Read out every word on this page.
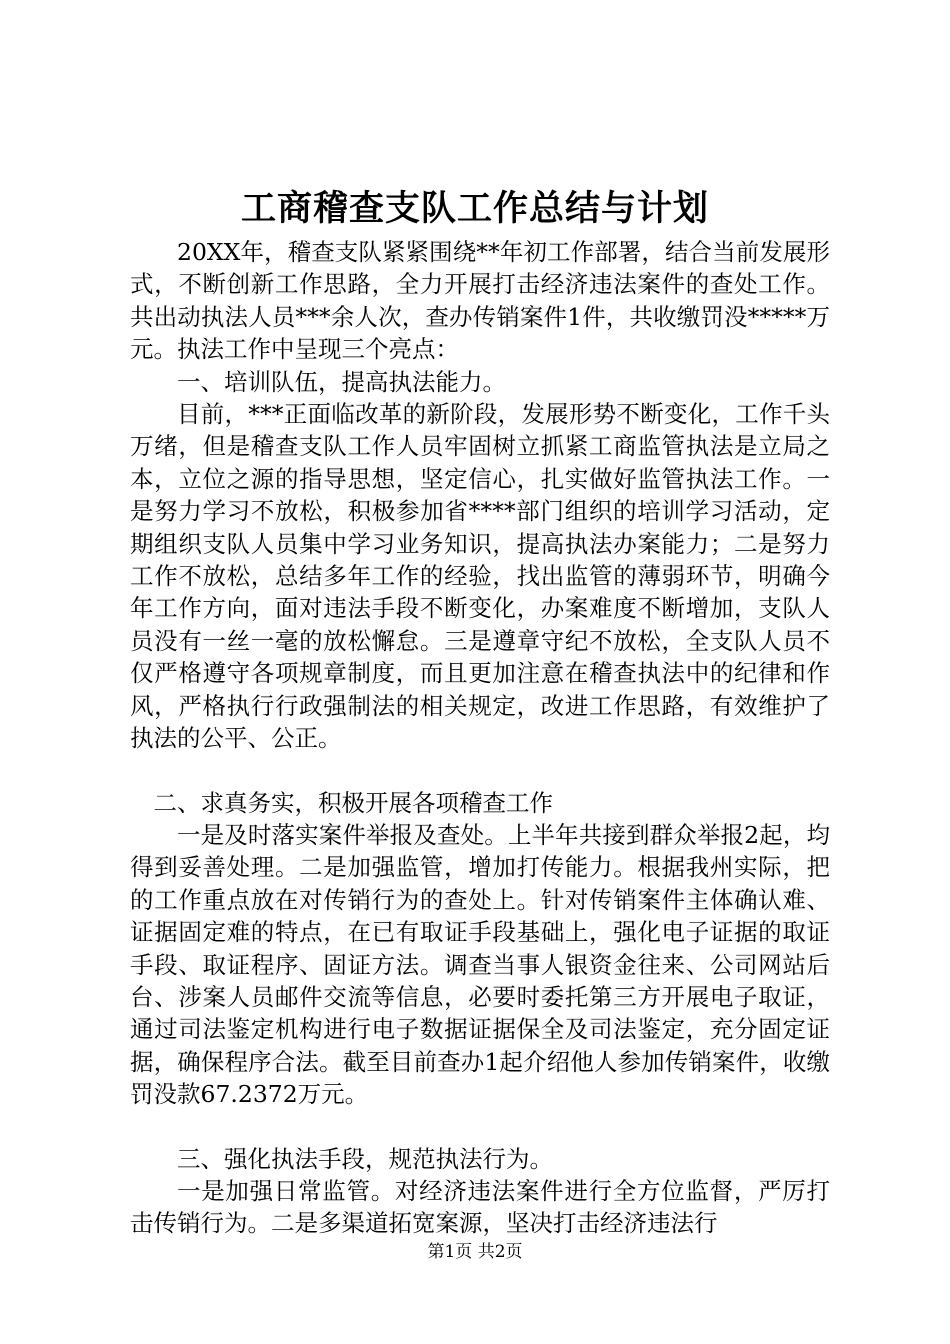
工商稽查支队工作总结与计划

20XX年，稽查支队紧紧围绕**年初工作部署，结合当前发展形式，不断创新工作思路，全力开展打击经济违法案件的查处工作。共出动执法人员***余人次，查办传销案件1件，共收缴罚没*****万元。执法工作中呈现三个亮点：

一、培训队伍，提高执法能力。

目前，***正面临改革的新阶段，发展形势不断变化，工作千头万绪，但是稽查支队工作人员牢固树立抓紧工商监管执法是立局之本，立位之源的指导思想，坚定信心，扎实做好监管执法工作。一是努力学习不放松，积极参加省****部门组织的培训学习活动，定期组织支队人员集中学习业务知识，提高执法办案能力；二是努力工作不放松，总结多年工作的经验，找出监管的薄弱环节，明确今年工作方向，面对违法手段不断变化，办案难度不断增加，支队人员没有一丝一毫的放松懈怠。三是遵章守纪不放松，全支队人员不仅严格遵守各项规章制度，而且更加注意在稽查执法中的纪律和作风，严格执行行政强制法的相关规定，改进工作思路，有效维护了执法的公平、公正。

二、求真务实，积极开展各项稽查工作

一是及时落实案件举报及查处。上半年共接到群众举报2起，均得到妥善处理。二是加强监管，增加打传能力。根据我州实际，把的工作重点放在对传销行为的查处上。针对传销案件主体确认难、证据固定难的特点，在已有取证手段基础上，强化电子证据的取证手段、取证程序、固证方法。调查当事人银资金往来、公司网站后台、涉案人员邮件交流等信息，必要时委托第三方开展电子取证，通过司法鉴定机构进行电子数据证据保全及司法鉴定，充分固定证据，确保程序合法。截至目前查办1起介绍他人参加传销案件，收缴罚没款67.2372万元。

三、强化执法手段，规范执法行为。

一是加强日常监管。对经济违法案件进行全方位监督，严厉打击传销行为。二是多渠道拓宽案源，坚决打击经济违法行

第1页 共2页
